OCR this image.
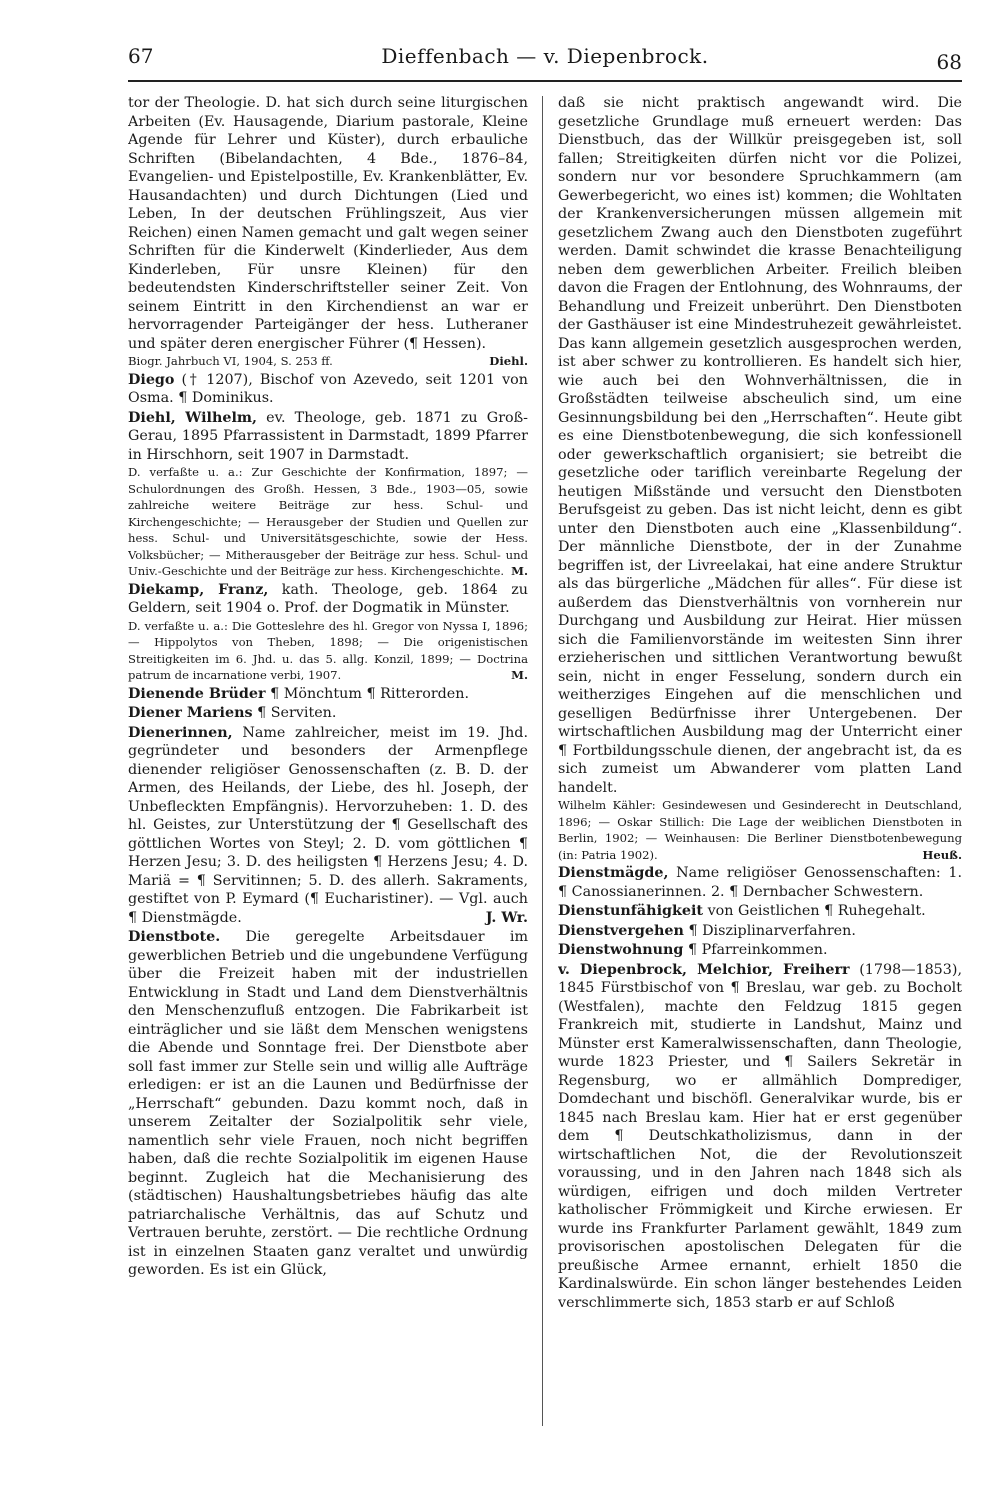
67	Dieffenbach — v. Diepenbrock.	68

tor der Theologie. D. hat sich durch seine liturgischen Arbeiten (Ev. Hausagende, Diarium pastorale, Kleine Agende für Lehrer und Küster), durch erbauliche Schriften (Bibelandachten, 4 Bde., 1876–84, Evangelien- und Epistelpostille, Ev. Krankenblätter, Ev. Hausandachten) und durch Dichtungen (Lied und Leben, In der deutschen Frühlingszeit, Aus vier Reichen) einen Namen gemacht und galt wegen seiner Schriften für die Kinderwelt (Kinderlieder, Aus dem Kinderleben, Für unsre Kleinen) für den bedeutendsten Kinderschriftsteller seiner Zeit. Von seinem Eintritt in den Kirchendienst an war er hervorragender Parteigänger der hess. Lutheraner und später deren energischer Führer (¶ Hessen).

Diehl.
Biogr. Jahrbuch VI, 1904, S. 253 ff.

Diego († 1207), Bischof von Azevedo, seit 1201 von Osma. ¶ Dominikus.

Diehl, Wilhelm, ev. Theologe, geb. 1871 zu Groß-Gerau, 1895 Pfarrassistent in Darmstadt, 1899 Pfarrer in Hirschhorn, seit 1907 in Darmstadt.

D. verfaßte u. a.: Zur Geschichte der Konfirmation, 1897; — Schulordnungen des Großh. Hessen, 3 Bde., 1903—05, sowie zahlreiche weitere Beiträge zur hess. Schul- und Kirchengeschichte; — Herausgeber der Studien und Quellen zur hess. Schul- und Universitätsgeschichte, sowie der Hess. Volksbücher; — Mitherausgeber der Beiträge zur hess. Schul- und Univ.-Geschichte und der Beiträge zur hess. Kirchengeschichte. M.

Diekamp, Franz, kath. Theologe, geb. 1864 zu Geldern, seit 1904 o. Prof. der Dogmatik in Münster.

D. verfaßte u. a.: Die Gotteslehre des hl. Gregor von Nyssa I, 1896; — Hippolytos von Theben, 1898; — Die origenistischen Streitigkeiten im 6. Jhd. u. das 5. allg. Konzil, 1899; — Doctrina patrum de incarnatione verbi, 1907.	M.

Dienende Brüder ¶ Mönchtum ¶ Ritterorden.

Diener Mariens ¶ Serviten.

Dienerinnen, Name zahlreicher, meist im 19. Jhd. gegründeter und besonders der Armenpflege dienender religiöser Genossenschaften (z. B. D. der Armen, des Heilands, der Liebe, des hl. Joseph, der Unbefleckten Empfängnis). Hervorzuheben: 1. D. des hl. Geistes, zur Unterstützung der ¶ Gesellschaft des göttlichen Wortes von Steyl; 2. D. vom göttlichen ¶ Herzen Jesu; 3. D. des heiligsten ¶ Herzens Jesu; 4. D. Mariä = ¶ Servitinnen; 5. D. des allerh. Sakraments, gestiftet von P. Eymard (¶ Eucharistiner). — Vgl. auch ¶ Dienstmägde.	J. Wr.

Dienstbote. Die geregelte Arbeitsdauer im gewerblichen Betrieb und die ungebundene Verfügung über die Freizeit haben mit der industriellen Entwicklung in Stadt und Land dem Dienstverhältnis den Menschenzufluß entzogen. Die Fabrikarbeit ist einträglicher und sie läßt dem Menschen wenigstens die Abende und Sonntage frei. Der Dienstbote aber soll fast immer zur Stelle sein und willig alle Aufträge erledigen: er ist an die Launen und Bedürfnisse der „Herrschaft“ gebunden. Dazu kommt noch, daß in unserem Zeitalter der Sozialpolitik sehr viele, namentlich sehr viele Frauen, noch nicht begriffen haben, daß die rechte Sozialpolitik im eigenen Hause beginnt. Zugleich hat die Mechanisierung des (städtischen) Haushaltungsbetriebes häufig das alte patriarchalische Verhältnis, das auf Schutz und Vertrauen beruhte, zerstört. — Die rechtliche Ordnung ist in einzelnen Staaten ganz veraltet und unwürdig geworden. Es ist ein Glück,

daß sie nicht praktisch angewandt wird. Die gesetzliche Grundlage muß erneuert werden: Das Dienstbuch, das der Willkür preisgegeben ist, soll fallen; Streitigkeiten dürfen nicht vor die Polizei, sondern nur vor besondere Spruchkammern (am Gewerbegericht, wo eines ist) kommen; die Wohltaten der Krankenversicherungen müssen allgemein mit gesetzlichem Zwang auch den Dienstboten zugeführt werden. Damit schwindet die krasse Benachteiligung neben dem gewerblichen Arbeiter. Freilich bleiben davon die Fragen der Entlohnung, des Wohnraums, der Behandlung und Freizeit unberührt. Den Dienstboten der Gasthäuser ist eine Mindestruhezeit gewährleistet. Das kann allgemein gesetzlich ausgesprochen werden, ist aber schwer zu kontrollieren. Es handelt sich hier, wie auch bei den Wohnverhältnissen, die in Großstädten teilweise abscheulich sind, um eine Gesinnungsbildung bei den „Herrschaften“. Heute gibt es eine Dienstbotenbewegung, die sich konfessionell oder gewerkschaftlich organisiert; sie betreibt die gesetzliche oder tariflich vereinbarte Regelung der heutigen Mißstände und versucht den Dienstboten Berufsgeist zu geben. Das ist nicht leicht, denn es gibt unter den Dienstboten auch eine „Klassenbildung“. Der männliche Dienstbote, der in der Zunahme begriffen ist, der Livreelakai, hat eine andere Struktur als das bürgerliche „Mädchen für alles“. Für diese ist außerdem das Dienstverhältnis von vornherein nur Durchgang und Ausbildung zur Heirat. Hier müssen sich die Familienvorstände im weitesten Sinn ihrer erzieherischen und sittlichen Verantwortung bewußt sein, nicht in enger Fesselung, sondern durch ein weitherziges Eingehen auf die menschlichen und geselligen Bedürfnisse ihrer Untergebenen. Der wirtschaftlichen Ausbildung mag der Unterricht einer ¶ Fortbildungsschule dienen, der angebracht ist, da es sich zumeist um Abwanderer vom platten Land handelt.

Wilhelm Kähler: Gesindewesen und Gesinderecht in Deutschland, 1896; — Oskar Stillich: Die Lage der weiblichen Dienstboten in Berlin, 1902; — Weinhausen: Die Berliner Dienstbotenbewegung (in: Patria 1902).	Heuß.

Dienstmägde, Name religiöser Genossenschaften: 1. ¶ Canossianerinnen. 2. ¶ Dernbacher Schwestern.

Dienstunfähigkeit von Geistlichen ¶ Ruhegehalt.

Dienstvergehen ¶ Disziplinarverfahren.

Dienstwohnung ¶ Pfarreinkommen.

v. Diepenbrock, Melchior, Freiherr (1798—1853), 1845 Fürstbischof von ¶ Breslau, war geb. zu Bocholt (Westfalen), machte den Feldzug 1815 gegen Frankreich mit, studierte in Landshut, Mainz und Münster erst Kameralwissenschaften, dann Theologie, wurde 1823 Priester, und ¶ Sailers Sekretär in Regensburg, wo er allmählich Domprediger, Domdechant und bischöfl. Generalvikar wurde, bis er 1845 nach Breslau kam. Hier hat er erst gegenüber dem ¶ Deutschkatholizismus, dann in der wirtschaftlichen Not, die der Revolutionszeit voraussing, und in den Jahren nach 1848 sich als würdigen, eifrigen und doch milden Vertreter katholischer Frömmigkeit und Kirche erwiesen. Er wurde ins Frankfurter Parlament gewählt, 1849 zum provisorischen apostolischen Delegaten für die preußische Armee ernannt, erhielt 1850 die Kardinalswürde. Ein schon länger bestehendes Leiden verschlimmerte sich, 1853 starb er auf Schloß
